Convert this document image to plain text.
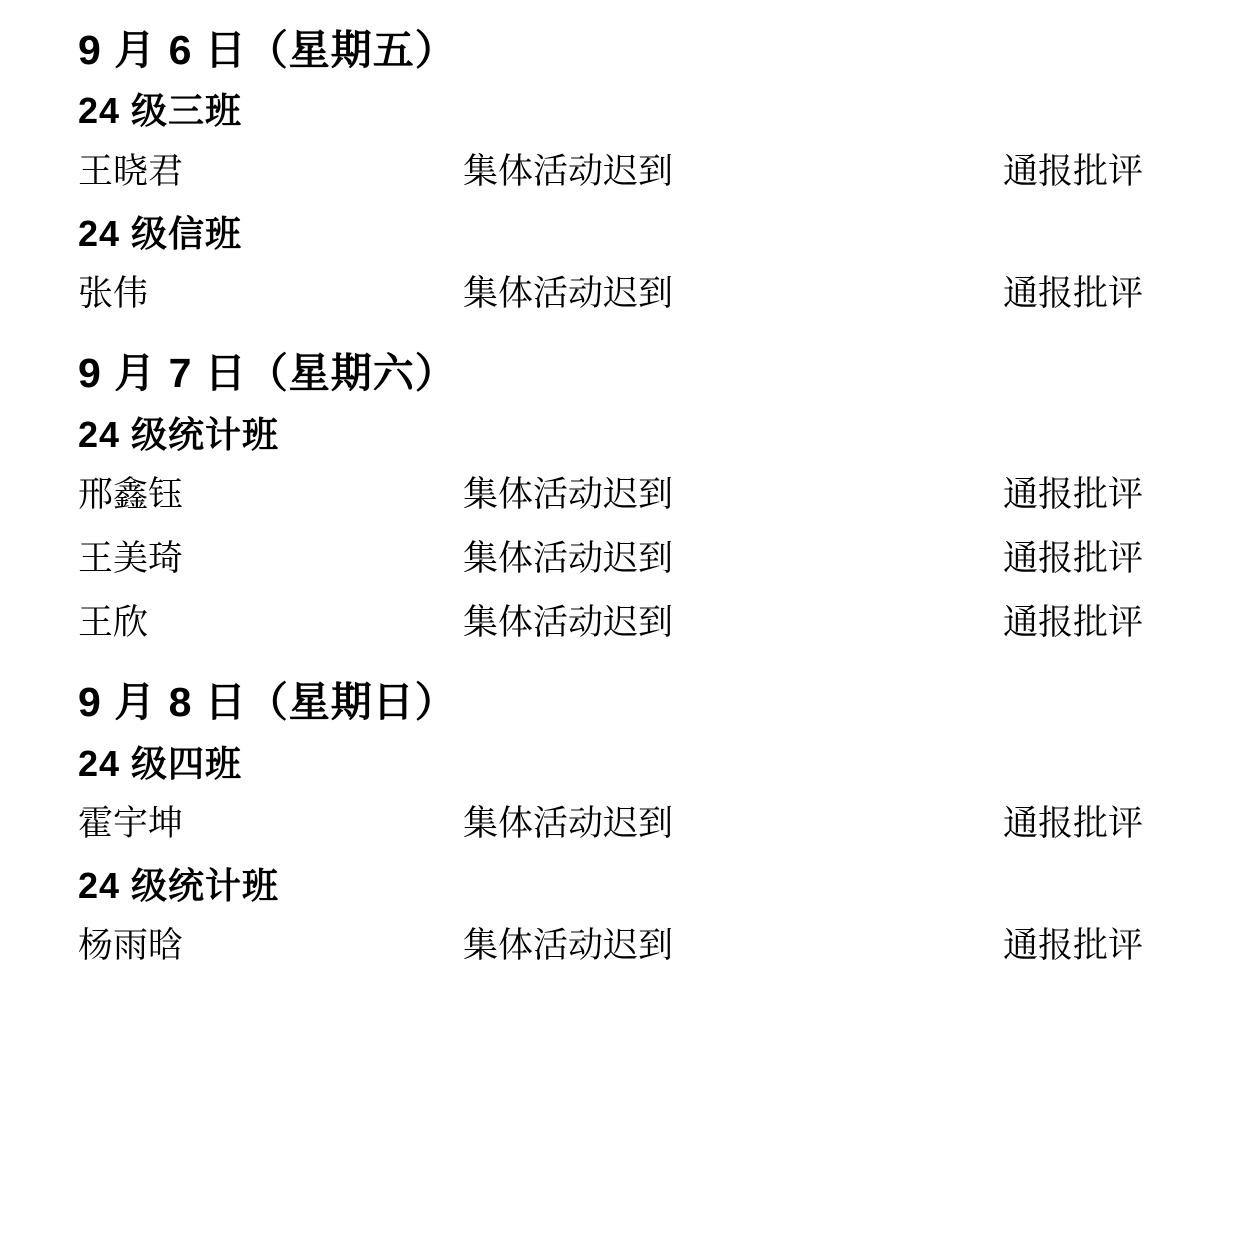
9 月 6 日（星期五）
24 级三班
王晓君	集体活动迟到	通报批评
24 级信班
张伟	集体活动迟到	通报批评
9 月 7 日（星期六）
24 级统计班
邢鑫钰	集体活动迟到	通报批评
王美琦	集体活动迟到	通报批评
王欣	集体活动迟到	通报批评
9 月 8 日（星期日）
24 级四班
霍宇坤	集体活动迟到	通报批评
24 级统计班
杨雨晗	集体活动迟到	通报批评
